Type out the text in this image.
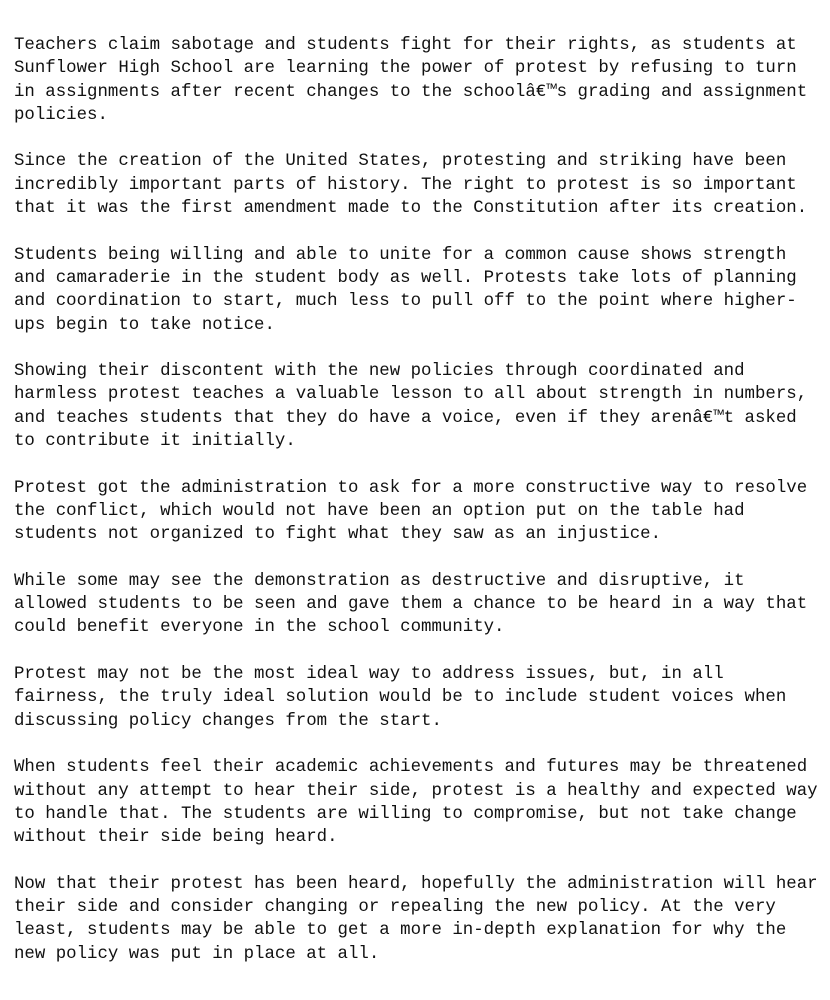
Teachers claim sabotage and students fight for their rights, as students at
Sunflower High School are learning the power of protest by refusing to turn
in assignments after recent changes to the schoolâ€™s grading and assignment
policies.

Since the creation of the United States, protesting and striking have been
incredibly important parts of history. The right to protest is so important
that it was the first amendment made to the Constitution after its creation.

Students being willing and able to unite for a common cause shows strength
and camaraderie in the student body as well. Protests take lots of planning
and coordination to start, much less to pull off to the point where higher-
ups begin to take notice.

Showing their discontent with the new policies through coordinated and
harmless protest teaches a valuable lesson to all about strength in numbers,
and teaches students that they do have a voice, even if they arenâ€™t asked
to contribute it initially.

Protest got the administration to ask for a more constructive way to resolve
the conflict, which would not have been an option put on the table had
students not organized to fight what they saw as an injustice.

While some may see the demonstration as destructive and disruptive, it
allowed students to be seen and gave them a chance to be heard in a way that
could benefit everyone in the school community.

Protest may not be the most ideal way to address issues, but, in all
fairness, the truly ideal solution would be to include student voices when
discussing policy changes from the start.

When students feel their academic achievements and futures may be threatened
without any attempt to hear their side, protest is a healthy and expected way
to handle that. The students are willing to compromise, but not take change
without their side being heard.

Now that their protest has been heard, hopefully the administration will hear
their side and consider changing or repealing the new policy. At the very
least, students may be able to get a more in-depth explanation for why the
new policy was put in place at all.
